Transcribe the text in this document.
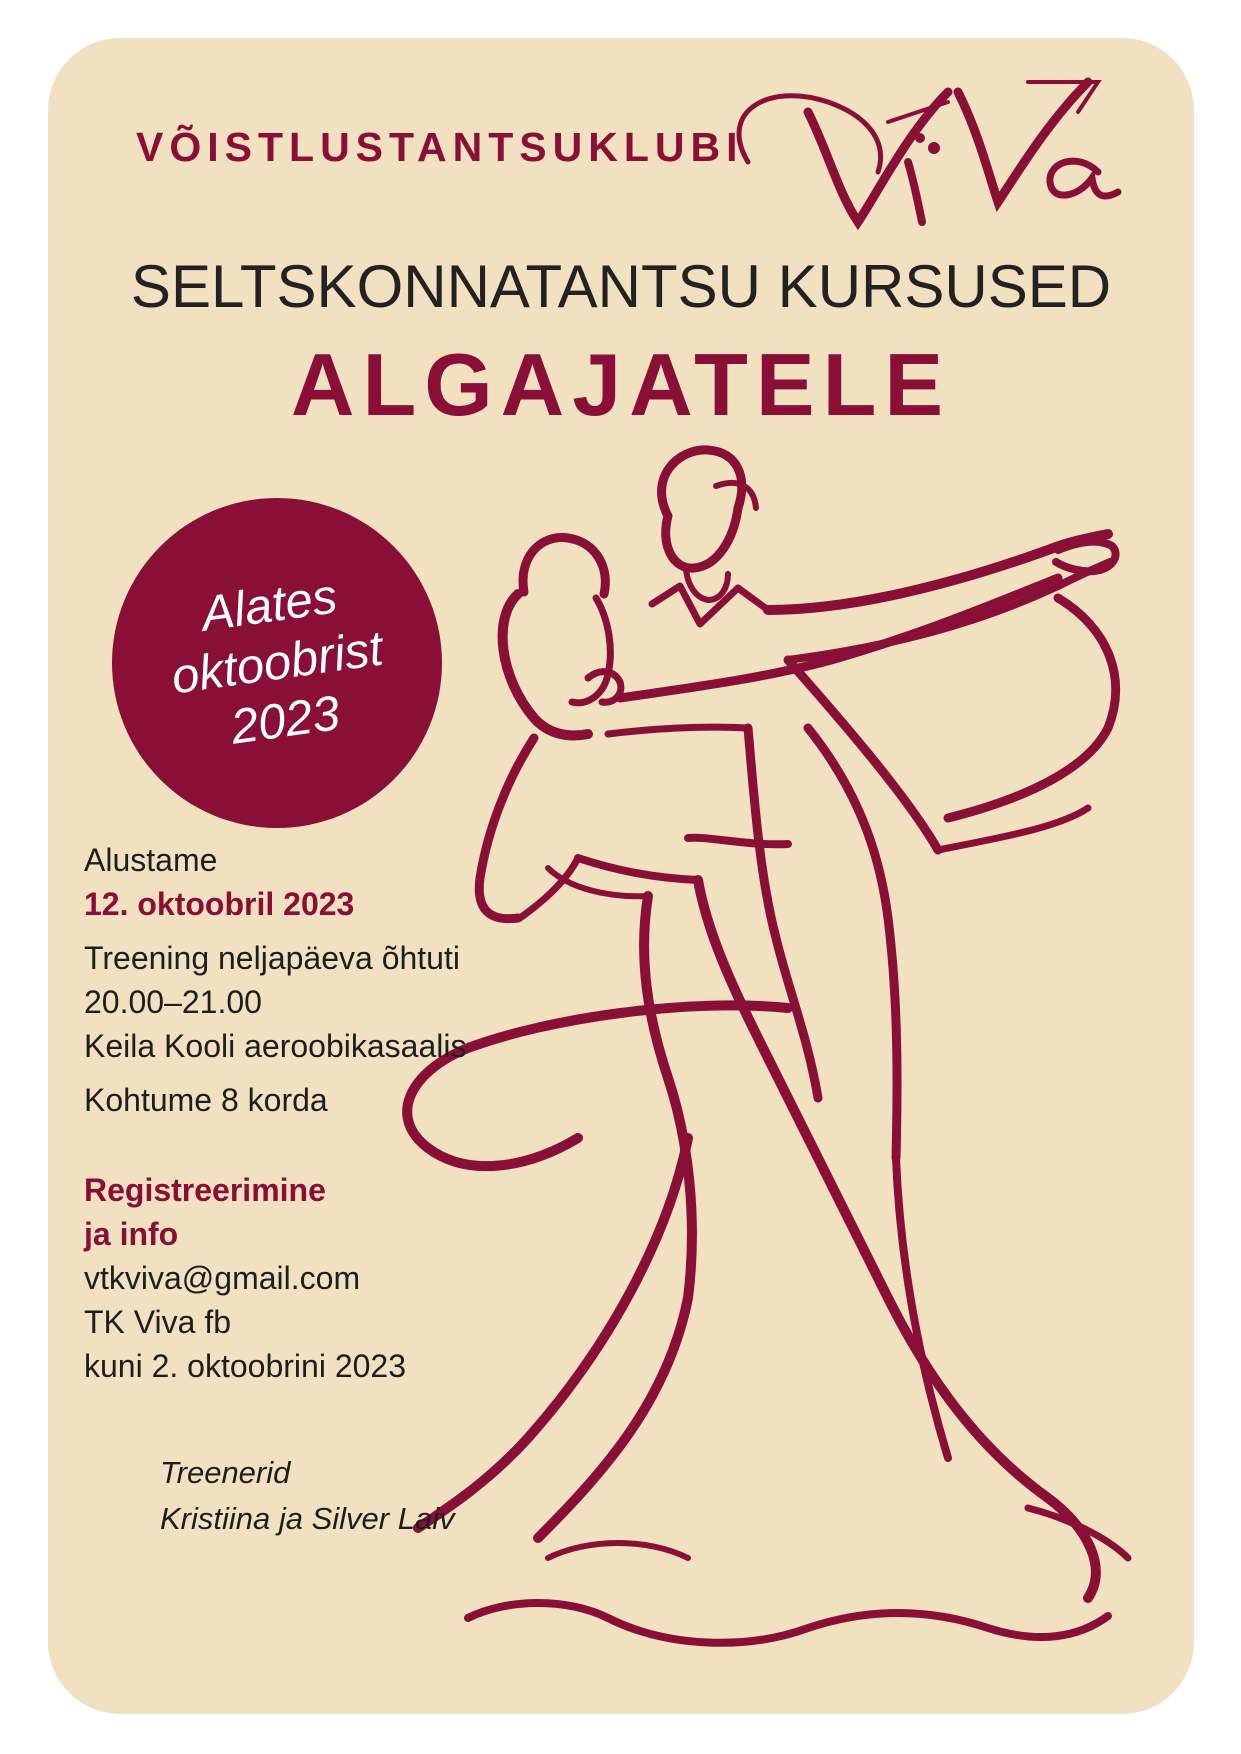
VÕISTLUSTANTSUKLUBI
SELTSKONNATANTSU KURSUSED
ALGAJATELE
Alates
oktoobrist
2023
Alustame
12. oktoobril 2023
Treening neljapäeva õhtuti
20.00–21.00
Keila Kooli aeroobikasaalis
Kohtume 8 korda
Registreerimine
ja info
vtkviva@gmail.com
TK Viva fb
kuni 2. oktoobrini 2023
Treenerid
Kristiina ja Silver Laiv
